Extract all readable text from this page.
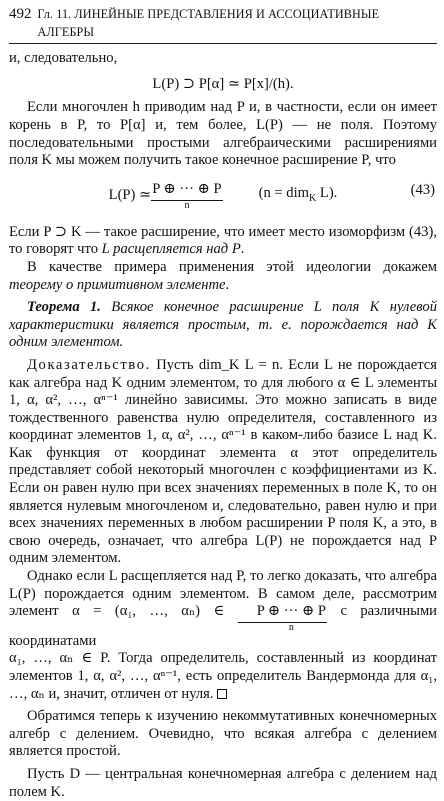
492 Гл. 11. ЛИНЕЙНЫЕ ПРЕДСТАВЛЕНИЯ И АССОЦИАТИВНЫЕ АЛГЕБРЫ

и, следовательно,

L(P) ⊃ P[α] ≃ P[x]/(h).

Если многочлен h приводим над P и, в частности, если он имеет корень в P, то P[α] и, тем более, L(P) — не поля. Поэтому последовательными простыми алгебраическими расширениями поля K мы можем получить такое конечное расширение P, что

L(P) ≃ P ⊕ ··· ⊕ P
n
(n = dim$_K$ L).	(43)

Если P ⊃ K — такое расширение, что имеет место изоморфизм (43), то говорят что L расщепляется над P.

В качестве примера применения этой идеологии докажем теорему о примитивном элементе.

Теорема 1. Всякое конечное расширение L поля K нулевой характеристики является простым, т. е. порождается над K одним элементом.

Доказательство. Пусть dim_K L = n. Если L не порождается как алгебра над K одним элементом, то для любого α ∈ L элементы 1, α, α², …, αⁿ⁻¹ линейно зависимы. Это можно записать в виде тождественного равенства нулю определителя, составленного из координат элементов 1, α, α², …, αⁿ⁻¹ в каком-либо базисе L над K. Как функция от координат элемента α этот определитель представляет собой некоторый многочлен с коэффициентами из K. Если он равен нулю при всех значениях переменных в поле K, то он является нулевым многочленом и, следовательно, равен нулю и при всех значениях переменных в любом расширении P поля K, а это, в свою очередь, означает, что алгебра L(P) не порождается над P одним элементом.

Однако если L расщепляется над P, то легко доказать, что алгебра L(P) порождается одним элементом. В самом деле, рассмотрим элемент α = (α₁, …, αₙ) ∈	P ⊕ ··· ⊕ P
n
с различными координатами

α₁, …, αₙ ∈ P. Тогда определитель, составленный из координат элементов 1, α, α², …, αⁿ⁻¹, есть определитель Вандермонда для α₁, …, αₙ и, значит, отличен от нуля.

Обратимся теперь к изучению некоммутативных конечномерных алгебр с делением. Очевидно, что всякая алгебра с делением является простой.

Пусть D — центральная конечномерная алгебра с делением над полем K.
